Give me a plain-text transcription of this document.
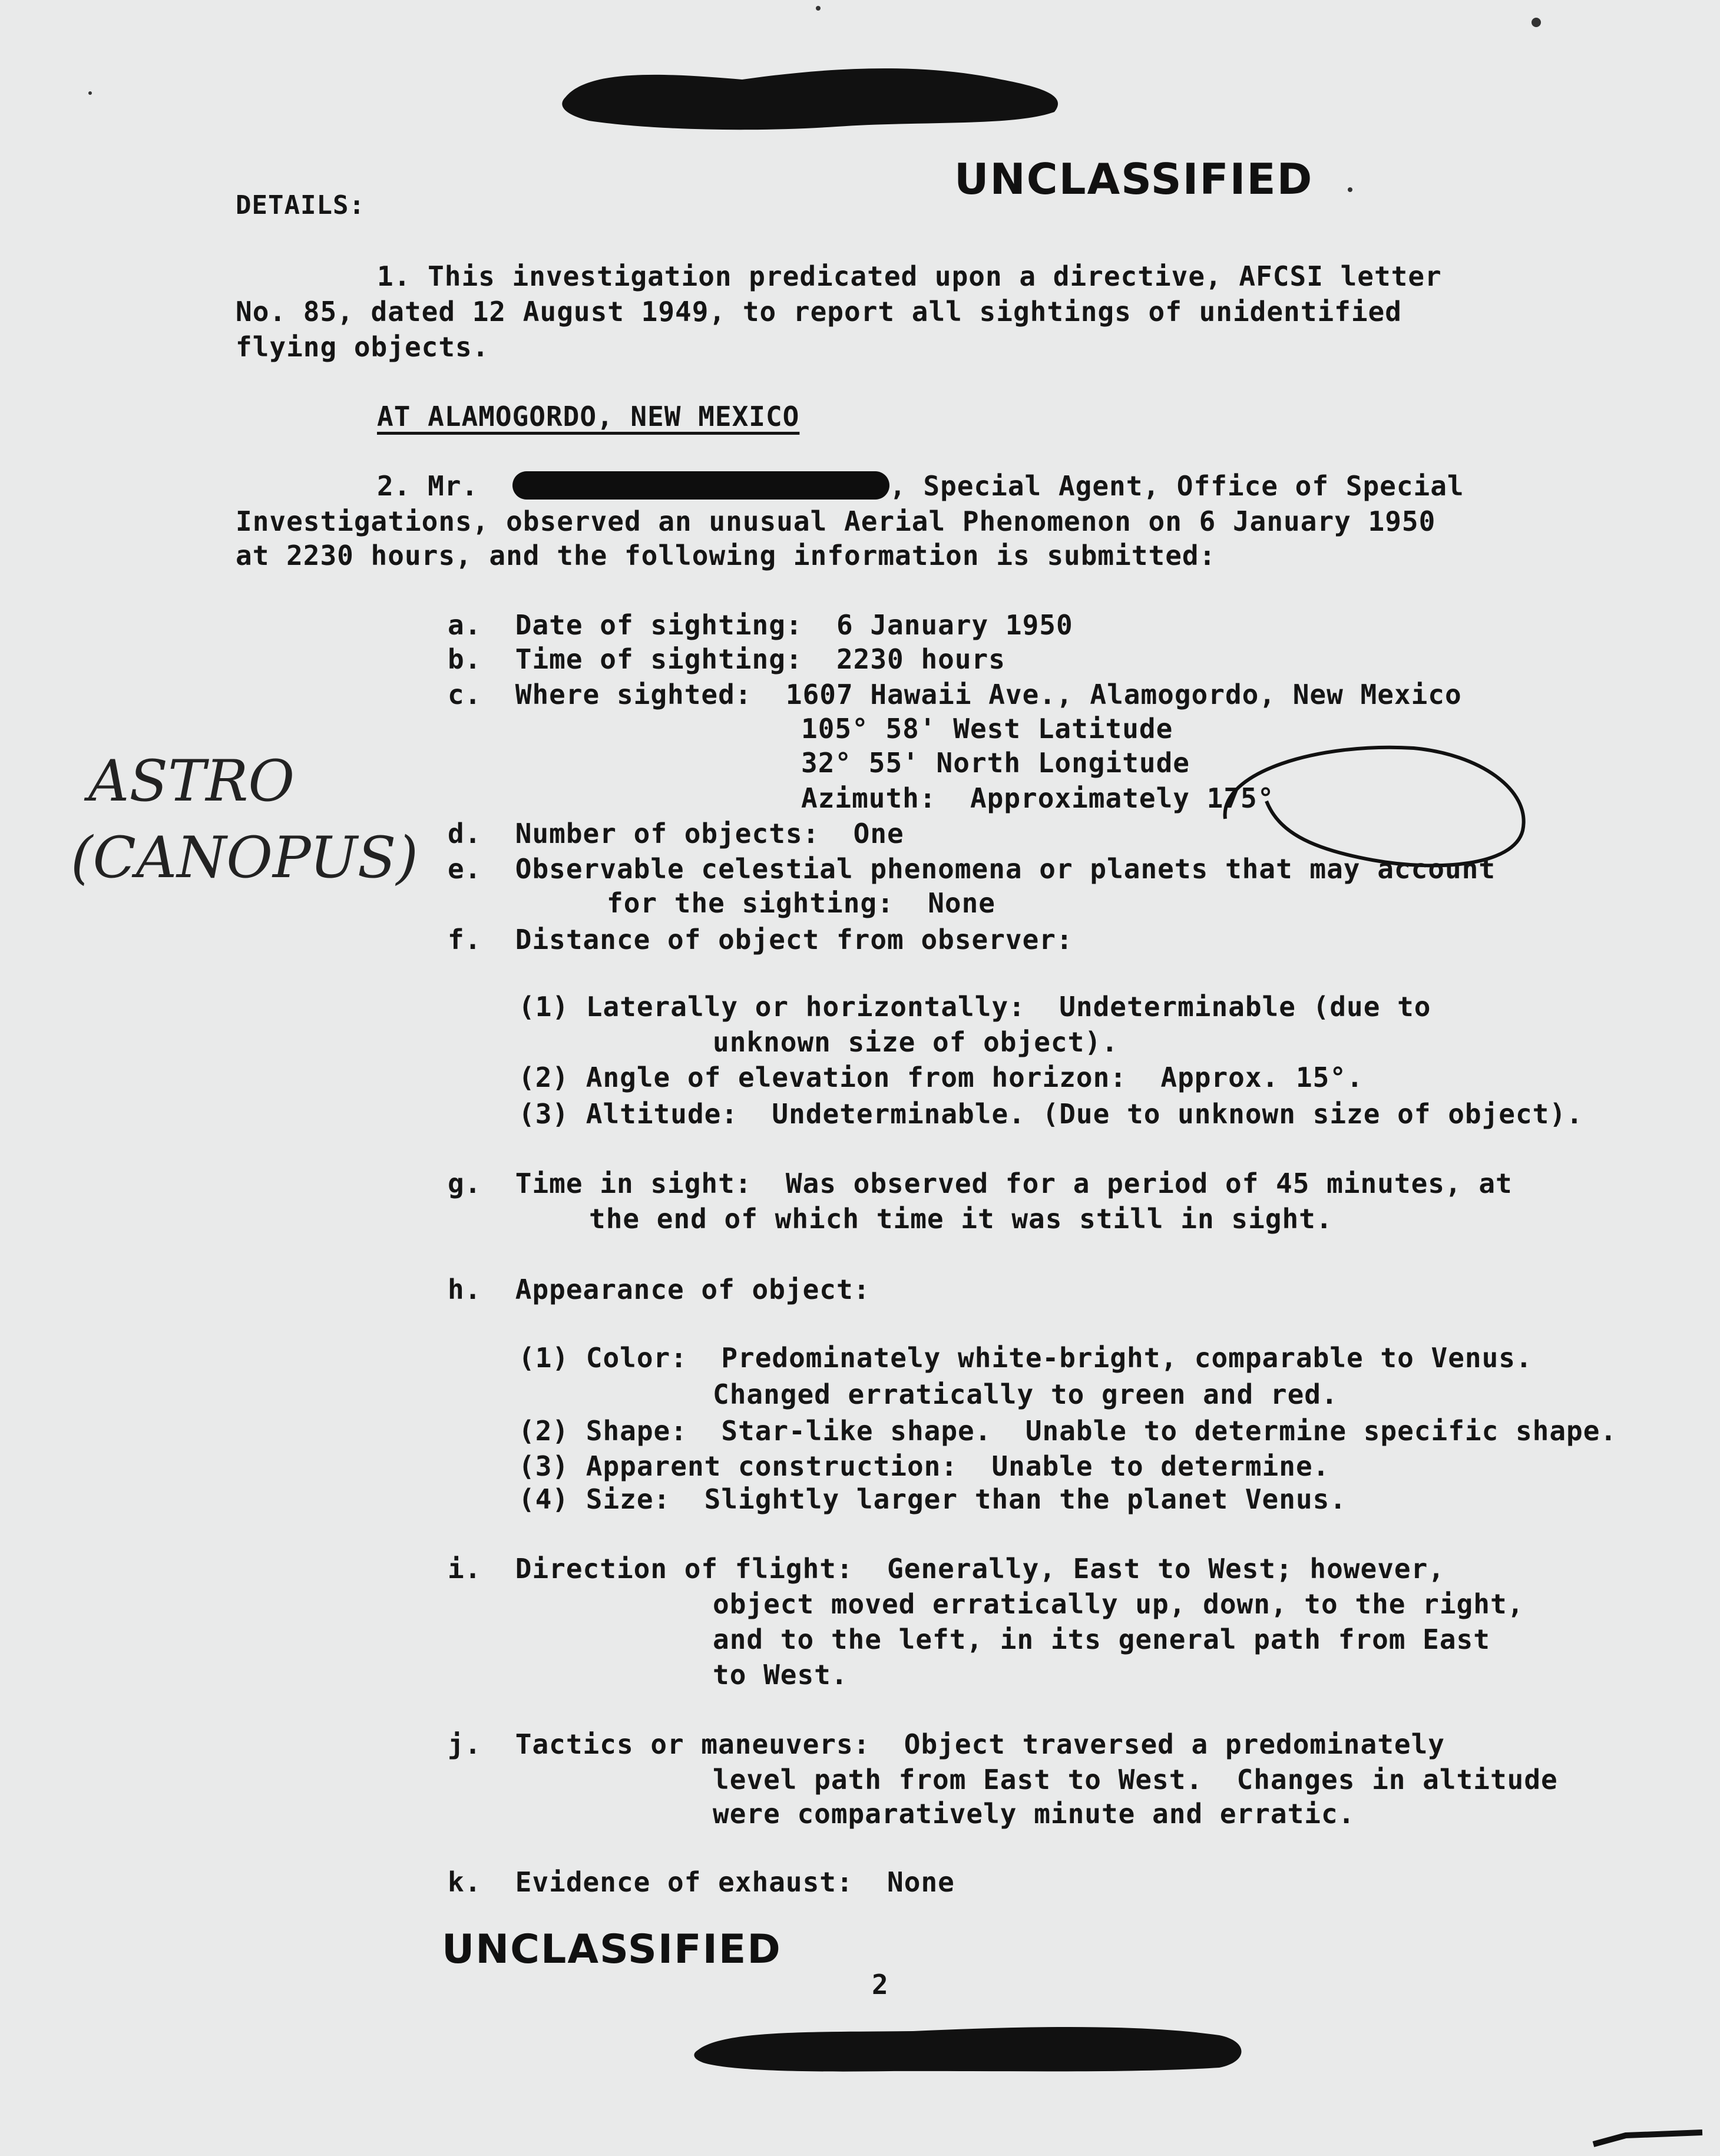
UNCLASSIFIED
DETAILS:
1. This investigation predicated upon a directive, AFCSI letter
No. 85, dated 12 August 1949, to report all sightings of unidentified
flying objects.
AT ALAMOGORDO, NEW MEXICO
2. Mr.	, Special Agent, Office of Special
Investigations, observed an unusual Aerial Phenomenon on 6 January 1950
at 2230 hours, and the following information is submitted:
a.  Date of sighting:  6 January 1950
b.  Time of sighting:  2230 hours
c.  Where sighted:  1607 Hawaii Ave., Alamogordo, New Mexico
105° 58' West Latitude
32° 55' North Longitude
Azimuth:  Approximately 175°
d.  Number of objects:  One
e.  Observable celestial phenomena or planets that may account
for the sighting:  None
ASTRO
(CANOPUS)
f.  Distance of object from observer:
(1) Laterally or horizontally:  Undeterminable (due to
unknown size of object).
(2) Angle of elevation from horizon:  Approx. 15°.
(3) Altitude:  Undeterminable. (Due to unknown size of object).
g.  Time in sight:  Was observed for a period of 45 minutes, at
the end of which time it was still in sight.
h.  Appearance of object:
(1) Color:  Predominately white-bright, comparable to Venus.
Changed erratically to green and red.
(2) Shape:  Star-like shape.  Unable to determine specific shape.
(3) Apparent construction:  Unable to determine.
(4) Size:  Slightly larger than the planet Venus.
i.  Direction of flight:  Generally, East to West; however,
object moved erratically up, down, to the right,
and to the left, in its general path from East
to West.
j.  Tactics or maneuvers:  Object traversed a predominately
level path from East to West.  Changes in altitude
were comparatively minute and erratic.
k.  Evidence of exhaust:  None
UNCLASSIFIED
2
